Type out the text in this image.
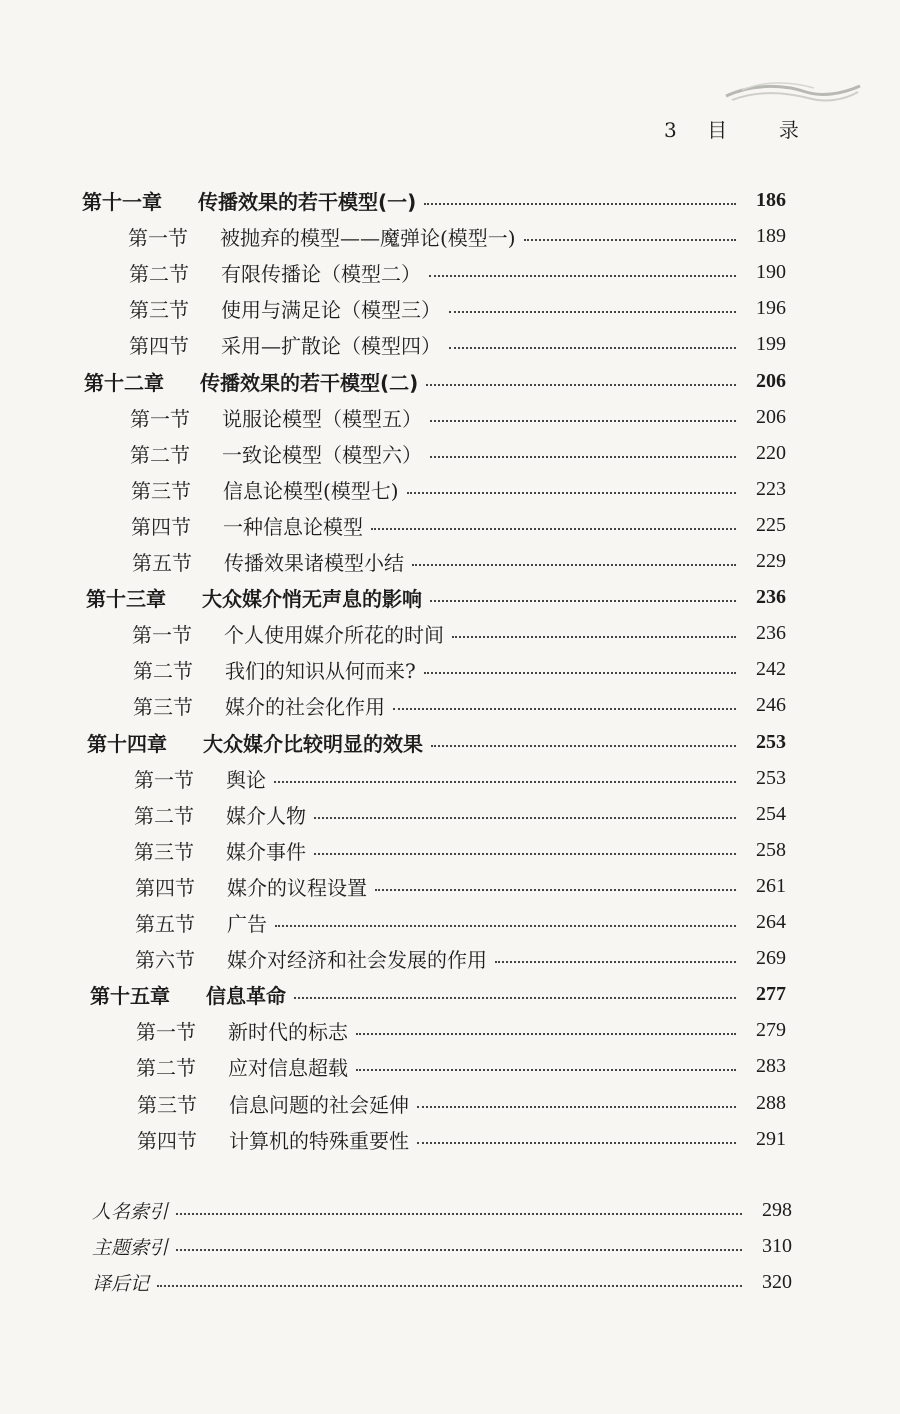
3 目	录
第十一章	传播效果的若干模型(一)	186
第一节	被抛弃的模型——魔弹论(模型一)	189
第二节	有限传播论（模型二）	190
第三节	使用与满足论（模型三）	196
第四节	采用—扩散论（模型四）	199
第十二章	传播效果的若干模型(二)	206
第一节	说服论模型（模型五）	206
第二节	一致论模型（模型六）	220
第三节	信息论模型(模型七)	223
第四节	一种信息论模型	225
第五节	传播效果诸模型小结	229
第十三章	大众媒介悄无声息的影响	236
第一节	个人使用媒介所花的时间	236
第二节	我们的知识从何而来?	242
第三节	媒介的社会化作用	246
第十四章	大众媒介比较明显的效果	253
第一节	舆论	253
第二节	媒介人物	254
第三节	媒介事件	258
第四节	媒介的议程设置	261
第五节	广告	264
第六节	媒介对经济和社会发展的作用	269
第十五章	信息革命	277
第一节	新时代的标志	279
第二节	应对信息超载	283
第三节	信息问题的社会延伸	288
第四节	计算机的特殊重要性	291
人名索引	298
主题索引	310
译后记	320
